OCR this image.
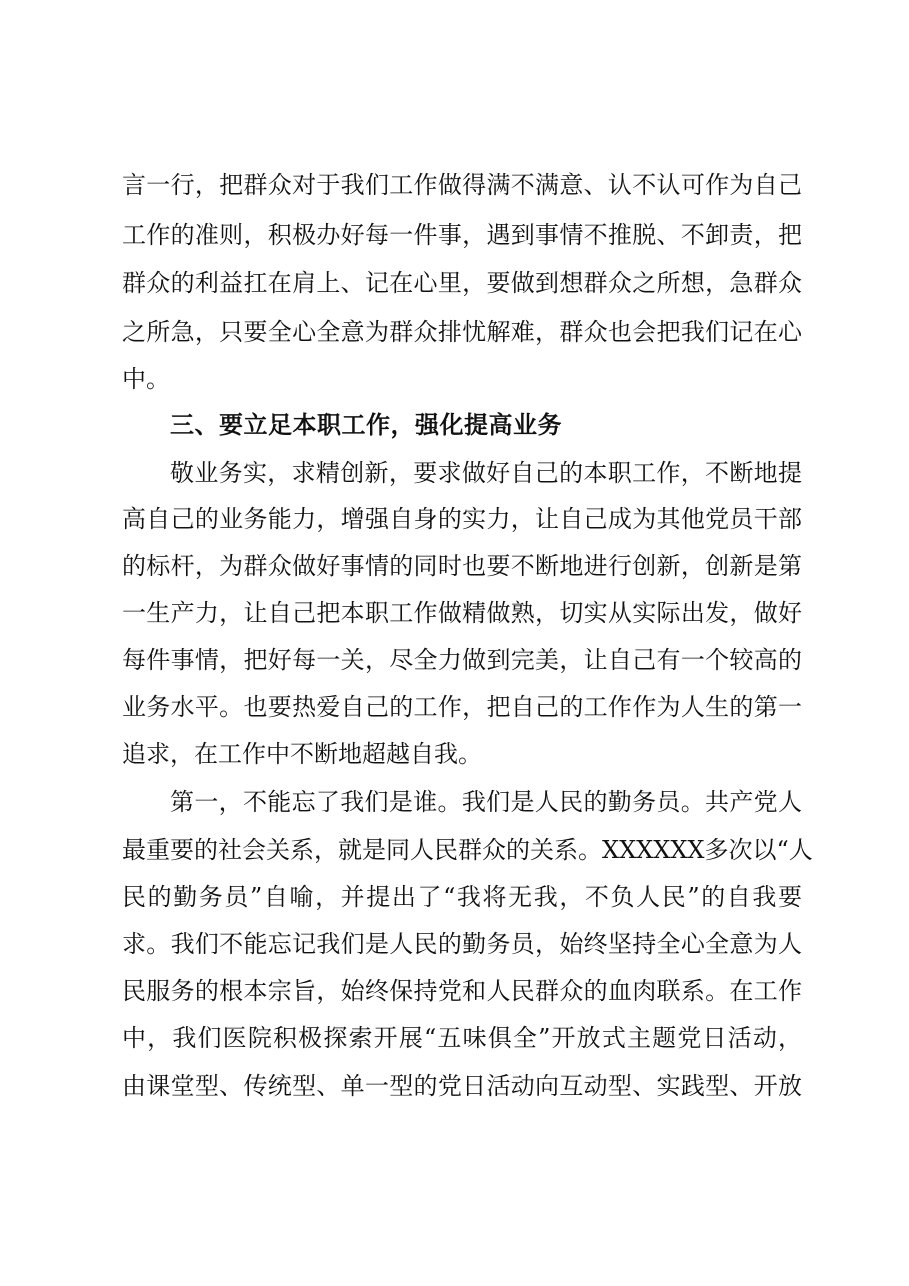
言一行，把群众对于我们工作做得满不满意、认不认可作为自己
工作的准则，积极办好每一件事，遇到事情不推脱、不卸责，把
群众的利益扛在肩上、记在心里，要做到想群众之所想，急群众
之所急，只要全心全意为群众排忧解难，群众也会把我们记在心
中。
三、要立足本职工作，强化提高业务
敬业务实，求精创新，要求做好自己的本职工作，不断地提
高自己的业务能力，增强自身的实力，让自己成为其他党员干部
的标杆，为群众做好事情的同时也要不断地进行创新，创新是第
一生产力，让自己把本职工作做精做熟，切实从实际出发，做好
每件事情，把好每一关，尽全力做到完美，让自己有一个较高的
业务水平。也要热爱自己的工作，把自己的工作作为人生的第一
追求，在工作中不断地超越自我。
第一，不能忘了我们是谁。我们是人民的勤务员。共产党人
最重要的社会关系，就是同人民群众的关系。XXXXXX多次以“人
民的勤务员”自喻，并提出了“我将无我，不负人民”的自我要
求。我们不能忘记我们是人民的勤务员，始终坚持全心全意为人
民服务的根本宗旨，始终保持党和人民群众的血肉联系。在工作
中，我们医院积极探索开展“五味俱全”开放式主题党日活动，
由课堂型、传统型、单一型的党日活动向互动型、实践型、开放
